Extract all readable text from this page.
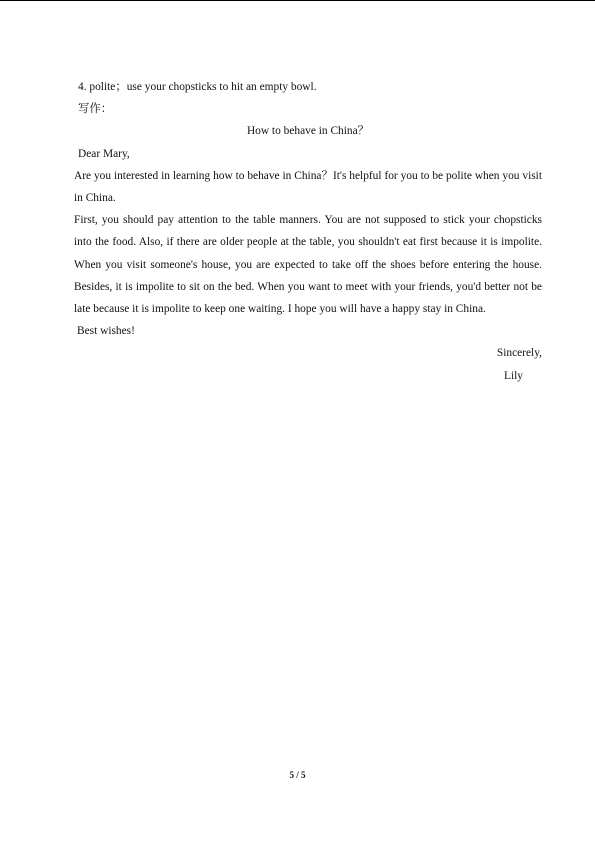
4. polite；use your chopsticks to hit an empty bowl.
写作：
How to behave in China？
Dear Mary,
Are you interested in learning how to behave in China？It's helpful for you to be polite when you visit in China.
First, you should pay attention to the table manners. You are not supposed to stick your chopsticks into the food. Also, if there are older people at the table, you shouldn't eat first because it is impolite. When you visit someone's house, you are expected to take off the shoes before entering the house. Besides, it is impolite to sit on the bed. When you want to meet with your friends, you'd better not be late because it is impolite to keep one waiting. I hope you will have a happy stay in China.
Best wishes!
Sincerely,
Lily
5 / 5
